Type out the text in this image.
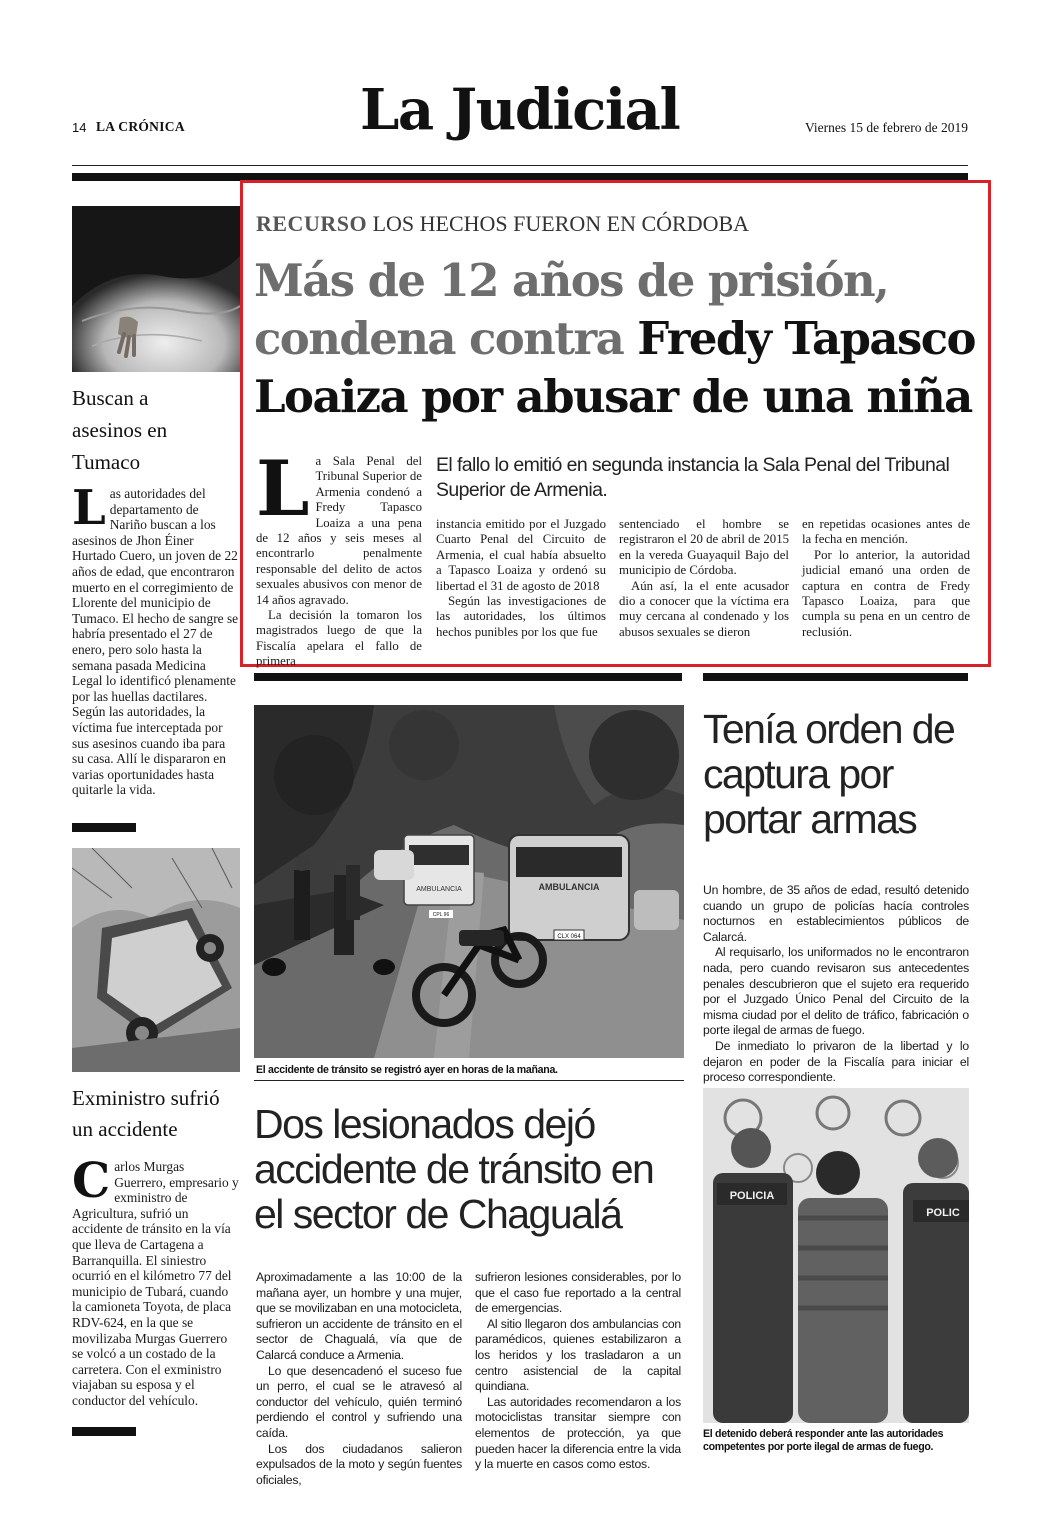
14 LA CRÓNICA	La Judicial	Viernes 15 de febrero de 2019
Buscan a asesinos en Tumaco
L as autoridades del departamento de Nariño buscan a los asesinos de Jhon Éiner Hurtado Cuero, un joven de 22 años de edad, que encontraron muerto en el corregimiento de Llorente del municipio de Tumaco. El hecho de sangre se habría presentado el 27 de enero, pero solo hasta la semana pasada Medicina Legal lo identificó plenamente por las huellas dactilares. Según las autoridades, la víctima fue interceptada por sus asesinos cuando iba para su casa. Allí le dispararon en varias oportunidades hasta quitarle la vida.
Exministro sufrió un accidente
C arlos Murgas Guerrero, empresario y exministro de Agricultura, sufrió un accidente de tránsito en la vía que lleva de Cartagena a Barranquilla. El siniestro ocurrió en el kilómetro 77 del municipio de Tubará, cuando la camioneta Toyota, de placa RDV-624, en la que se movilizaba Murgas Guerrero se volcó a un costado de la carretera. Con el exministro viajaban su esposa y el conductor del vehículo.
RECURSO LOS HECHOS FUERON EN CÓRDOBA
Más de 12 años de prisión,
condena contra Fredy Tapasco
Loaiza por abusar de una niña
L a Sala Penal del Tribunal Superior de Armenia condenó a Fredy Tapasco Loaiza a una pena de 12 años y seis meses al encontrarlo penalmente responsable del delito de actos sexuales abusivos con menor de 14 años agravado.

La decisión la tomaron los magistrados luego de que la Fiscalía apelara el fallo de primera

El fallo lo emitió en segunda instancia la Sala Penal del Tribunal Superior de Armenia.

instancia emitido por el Juzgado Cuarto Penal del Circuito de Armenia, el cual había absuelto a Tapasco Loaiza y ordenó su libertad el 31 de agosto de 2018

Según las investigaciones de las autoridades, los últimos hechos punibles por los que fue

sentenciado el hombre se registraron el 20 de abril de 2015 en la vereda Guayaquil Bajo del municipio de Córdoba.

Aún así, la el ente acusador dio a conocer que la víctima era muy cercana al condenado y los abusos sexuales se dieron

en repetidas ocasiones antes de la fecha en mención.

Por lo anterior, la autoridad judicial emanó una orden de captura en contra de Fredy Tapasco Loaiza, para que cumpla su pena en un centro de reclusión.

AMBULANCIA	AMBULANCIA
CLX 064
CPL 96
El accidente de tránsito se registró ayer en horas de la mañana.
Dos lesionados dejó accidente de tránsito en el sector de Chagualá

Aproximadamente a las 10:00 de la mañana ayer, un hombre y una mujer, que se movilizaban en una motocicleta, sufrieron un accidente de tránsito en el sector de Chagualá, vía que de Calarcá conduce a Armenia.

Lo que desencadenó el suceso fue un perro, el cual se le atravesó al conductor del vehículo, quién terminó perdiendo el control y sufriendo una caída.

Los dos ciudadanos salieron expulsados de la moto y según fuentes oficiales,

sufrieron lesiones considerables, por lo que el caso fue reportado a la central de emergencias.

Al sitio llegaron dos ambulancias con paramédicos, quienes estabilizaron a los heridos y los trasladaron a un centro asistencial de la capital quindiana.

Las autoridades recomendaron a los motociclistas transitar siempre con elementos de protección, ya que pueden hacer la diferencia entre la vida y la muerte en casos como estos.

Tenía orden de captura por portar armas

Un hombre, de 35 años de edad, resultó detenido cuando un grupo de policías hacía controles nocturnos en establecimientos públicos de Calarcá.

Al requisarlo, los uniformados no le encontraron nada, pero cuando revisaron sus antecedentes penales descubrieron que el sujeto era requerido por el Juzgado Único Penal del Circuito de la misma ciudad por el delito de tráfico, fabricación o porte ilegal de armas de fuego.

De inmediato lo privaron de la libertad y lo dejaron en poder de la Fiscalía para iniciar el proceso correspondiente.

POLICIA
POLIC
El detenido deberá responder ante las autoridades competentes por porte ilegal de armas de fuego.
